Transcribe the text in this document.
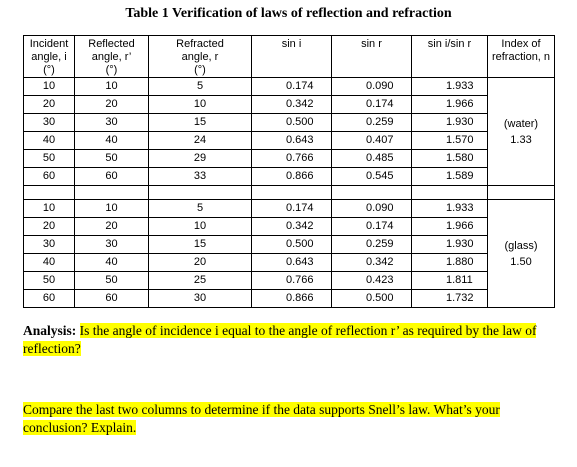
Table 1 Verification of laws of reflection and refraction
Incident
angle, i
(°)	Reflected
angle, r’
(°)	Refracted
angle, r
(°)	sin i	sin r	sin i/sin r	Index of
refraction, n

10	10	5	0.174	0.090	1.933	(water)
1.33

20	20	10	0.342	0.174	1.966	
30	30	15	0.500	0.259	1.930	
40	40	24	0.643	0.407	1.570	
50	50	29	0.766	0.485	1.580	
60	60	33	0.866	0.545	1.589	

10	10	5	0.174	0.090	1.933	(glass)
1.50

20	20	10	0.342	0.174	1.966	
30	30	15	0.500	0.259	1.930	
40	40	20	0.643	0.342	1.880	
50	50	25	0.766	0.423	1.811	
60	60	30	0.866	0.500	1.732	
Analysis: Is the angle of incidence i equal to the angle of reflection r’ as required by the law of reflection?
Compare the last two columns to determine if the data supports Snell’s law. What’s your conclusion? Explain.
